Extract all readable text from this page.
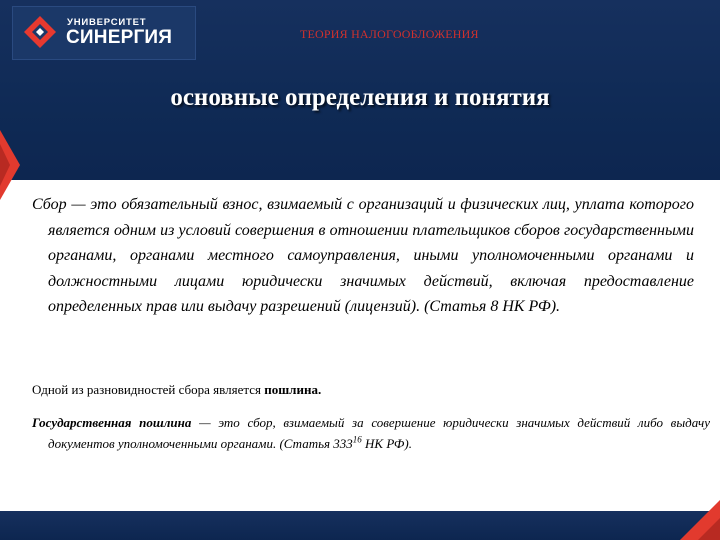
УНИВЕРСИТЕТ
СИНЕРГИЯ	ТЕОРИЯ НАЛОГООБЛОЖЕНИЯ
основные определения и понятия

Сбор — это обязательный взнос, взимаемый с организаций и физических лиц, уплата которого является одним из условий совершения в отношении плательщиков сборов государственными органами, органами местного самоуправления, иными уполномоченными органами и должностными лицами юридически значимых действий, включая предоставление определенных прав или выдачу разрешений (лицензий). (Статья 8 НК РФ).

Одной из разновидностей сбора является пошлина.

Государственная пошлина — это сбор, взимаемый за совершение юридически значимых действий либо выдачу документов уполномоченными органами. (Статья $333^{16}$ НК РФ).
